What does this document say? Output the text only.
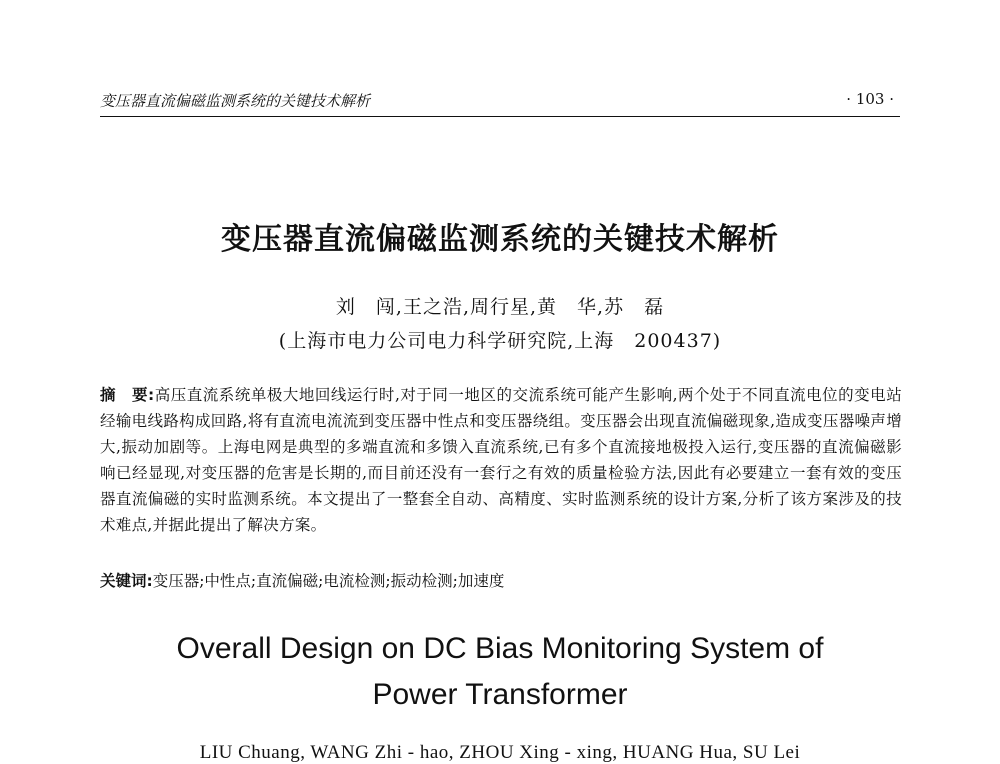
变压器直流偏磁监测系统的关键技术解析	· 103 ·
变压器直流偏磁监测系统的关键技术解析
刘　闯,王之浩,周行星,黄　华,苏　磊
(上海市电力公司电力科学研究院,上海　200437)
摘　要:高压直流系统单极大地回线运行时,对于同一地区的交流系统可能产生影响,两个处于不同直流电位的变电站经输电线路构成回路,将有直流电流流到变压器中性点和变压器绕组。变压器会出现直流偏磁现象,造成变压器噪声增大,振动加剧等。上海电网是典型的多端直流和多馈入直流系统,已有多个直流接地极投入运行,变压器的直流偏磁影响已经显现,对变压器的危害是长期的,而目前还没有一套行之有效的质量检验方法,因此有必要建立一套有效的变压器直流偏磁的实时监测系统。本文提出了一整套全自动、高精度、实时监测系统的设计方案,分析了该方案涉及的技术难点,并据此提出了解决方案。
关键词:变压器;中性点;直流偏磁;电流检测;振动检测;加速度
Overall Design on DC Bias Monitoring System of
Power Transformer
LIU Chuang, WANG Zhi - hao, ZHOU Xing - xing, HUANG Hua, SU Lei
